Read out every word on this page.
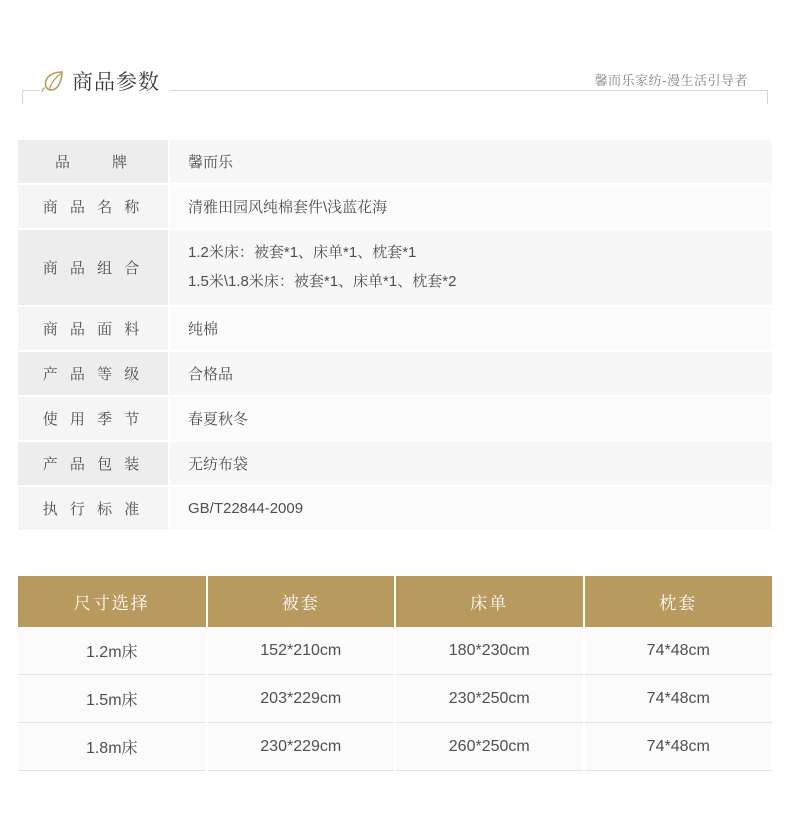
商品参数	馨而乐家纺-漫生活引导者
品　　牌	馨而乐
商 品 名 称	清雅田园风纯棉套件\浅蓝花海
商 品 组 合	1.2米床：被套*1、床单*1、枕套*1
1.5米\1.8米床：被套*1、床单*1、枕套*2

商 品 面 料	纯棉
产 品 等 级	合格品
使 用 季 节	春夏秋冬
产 品 包 装	无纺布袋
执 行 标 准	GB/T22844-2009
尺寸选择	被套	床单	枕套
1.2m床	152*210cm	180*230cm	74*48cm
1.5m床	203*229cm	230*250cm	74*48cm
1.8m床	230*229cm	260*250cm	74*48cm
